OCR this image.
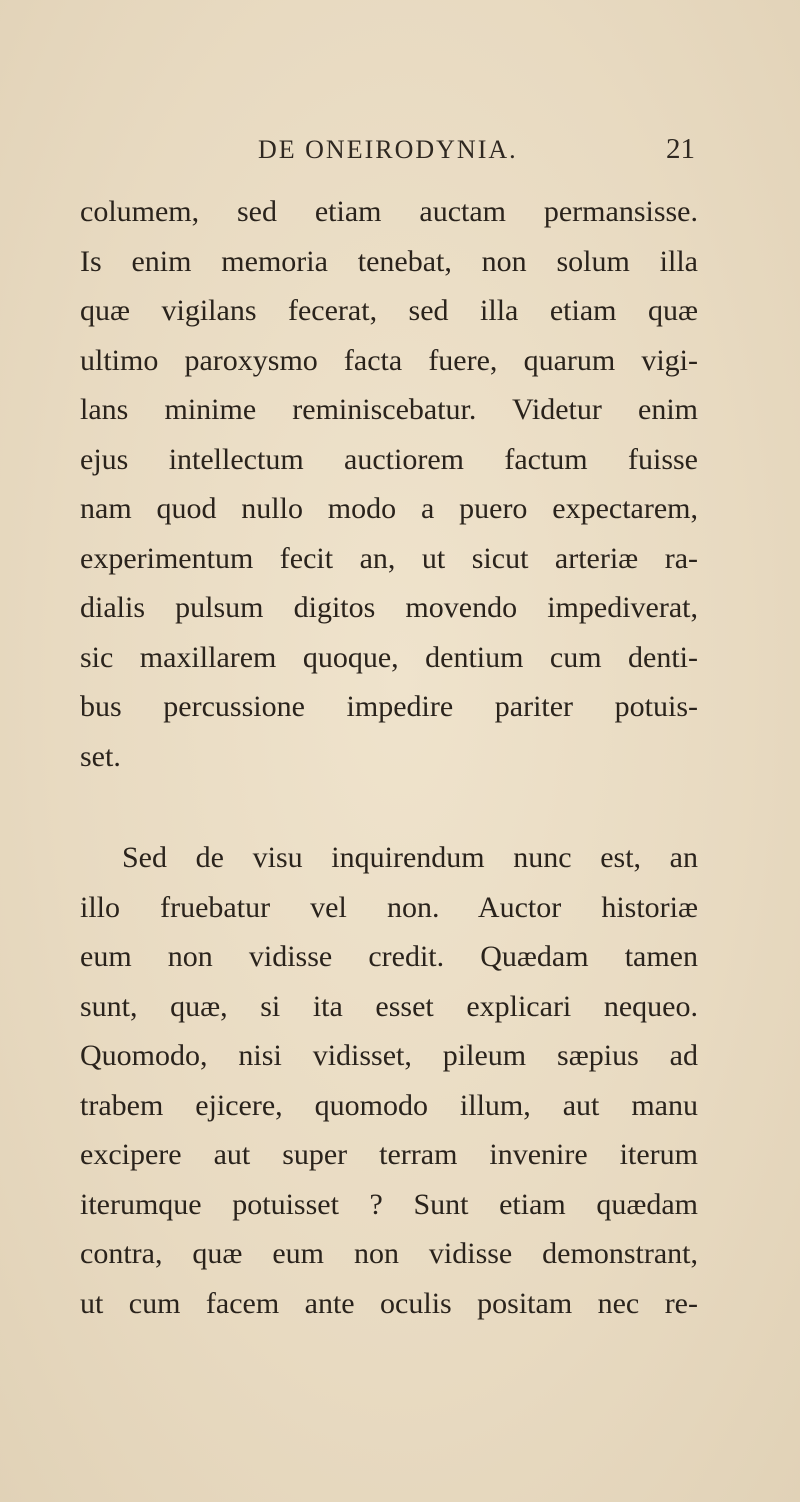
DE ONEIRODYNIA.	21
columem, sed etiam auctam permansisse.
Is enim memoria tenebat, non solum illa
quæ vigilans fecerat, sed illa etiam quæ
ultimo paroxysmo facta fuere, quarum vigi-
lans minime reminiscebatur. Videtur enim
ejus intellectum auctiorem factum fuisse
nam quod nullo modo a puero expectarem,
experimentum fecit an, ut sicut arteriæ ra-
dialis pulsum digitos movendo impediverat,
sic maxillarem quoque, dentium cum denti-
bus percussione impedire pariter potuis-
set.
Sed de visu inquirendum nunc est, an
illo fruebatur vel non. Auctor historiæ
eum non vidisse credit. Quædam tamen
sunt, quæ, si ita esset explicari nequeo.
Quomodo, nisi vidisset, pileum sæpius ad
trabem ejicere, quomodo illum, aut manu
excipere aut super terram invenire iterum
iterumque potuisset ? Sunt etiam quædam
contra, quæ eum non vidisse demonstrant,
ut cum facem ante oculis positam nec re-
